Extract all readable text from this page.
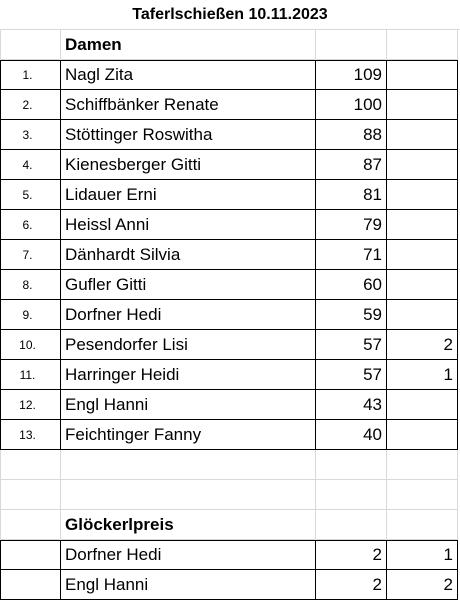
Taferlschießen 10.11.2023
Damen
1.	Nagl Zita	109
2.	Schiffbänker Renate	100
3.	Stöttinger Roswitha	88
4.	Kienesberger Gitti	87
5.	Lidauer Erni	81
6.	Heissl Anni	79
7.	Dänhardt Silvia	71
8.	Gufler Gitti	60
9.	Dorfner Hedi	59
10.	Pesendorfer Lisi	57	2
11.	Harringer Heidi	57	1
12.	Engl Hanni	43
13.	Feichtinger Fanny	40
Glöckerlpreis
Dorfner Hedi	2	1
Engl Hanni	2	2
